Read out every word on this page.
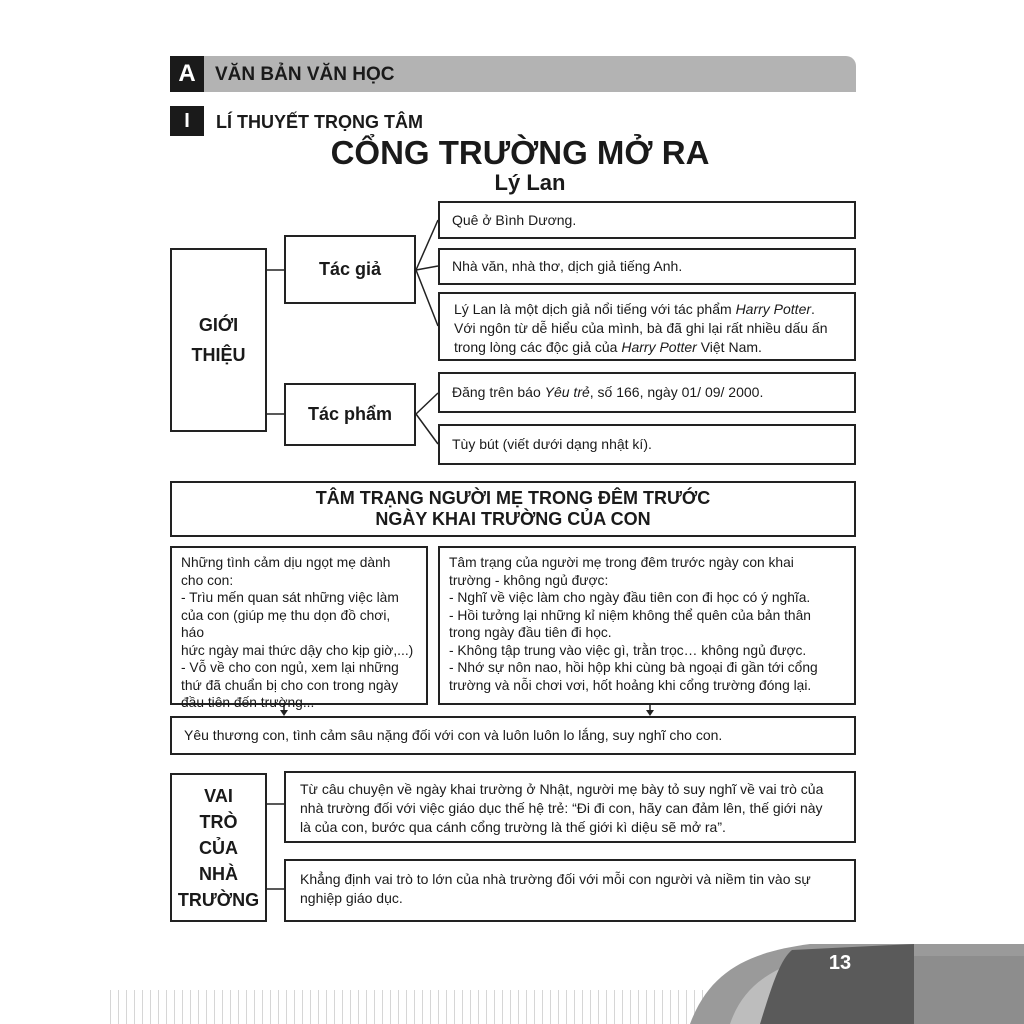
A	VĂN BẢN VĂN HỌC
I	LÍ THUYẾT TRỌNG TÂM
CỔNG TRƯỜNG MỞ RA
Lý Lan
GIỚI
THIỆU
Tác giả
Tác phẩm
Quê ở Bình Dương.
Nhà văn, nhà thơ, dịch giả tiếng Anh.
Lý Lan là một dịch giả nổi tiếng với tác phẩm Harry Potter.
Với ngôn từ dễ hiểu của mình, bà đã ghi lại rất nhiều dấu ấn
trong lòng các độc giả của Harry Potter Việt Nam.
Đăng trên báo Yêu trẻ, số 166, ngày 01/ 09/ 2000.
Tùy bút (viết dưới dạng nhật kí).
TÂM TRẠNG NGƯỜI MẸ TRONG ĐÊM TRƯỚC
NGÀY KHAI TRƯỜNG CỦA CON
Những tình cảm dịu ngọt mẹ dành
cho con:
- Trìu mến quan sát những việc làm
của con (giúp mẹ thu dọn đồ chơi, háo
hức ngày mai thức dậy cho kịp giờ,...)
- Vỗ về cho con ngủ, xem lại những
thứ đã chuẩn bị cho con trong ngày
đầu tiên đến trường...
Tâm trạng của người mẹ trong đêm trước ngày con khai
trường - không ngủ được:
- Nghĩ về việc làm cho ngày đầu tiên con đi học có ý nghĩa.
- Hồi tưởng lại những kỉ niệm không thể quên của bản thân
trong ngày đầu tiên đi học.
- Không tập trung vào việc gì, trằn trọc… không ngủ được.
- Nhớ sự nôn nao, hồi hộp khi cùng bà ngoại đi gần tới cổng
trường và nỗi chơi vơi, hốt hoảng khi cổng trường đóng lại.
Yêu thương con, tình cảm sâu nặng đối với con và luôn luôn lo lắng, suy nghĩ cho con.
VAI
TRÒ
CỦA
NHÀ
TRƯỜNG
Từ câu chuyện về ngày khai trường ở Nhật, người mẹ bày tỏ suy nghĩ về vai trò của
nhà trường đối với việc giáo dục thế hệ trẻ: “Đi đi con, hãy can đảm lên, thế giới này
là của con, bước qua cánh cổng trường là thế giới kì diệu sẽ mở ra”.
Khẳng định vai trò to lớn của nhà trường đối với mỗi con người và niềm tin vào sự
nghiệp giáo dục.
13
